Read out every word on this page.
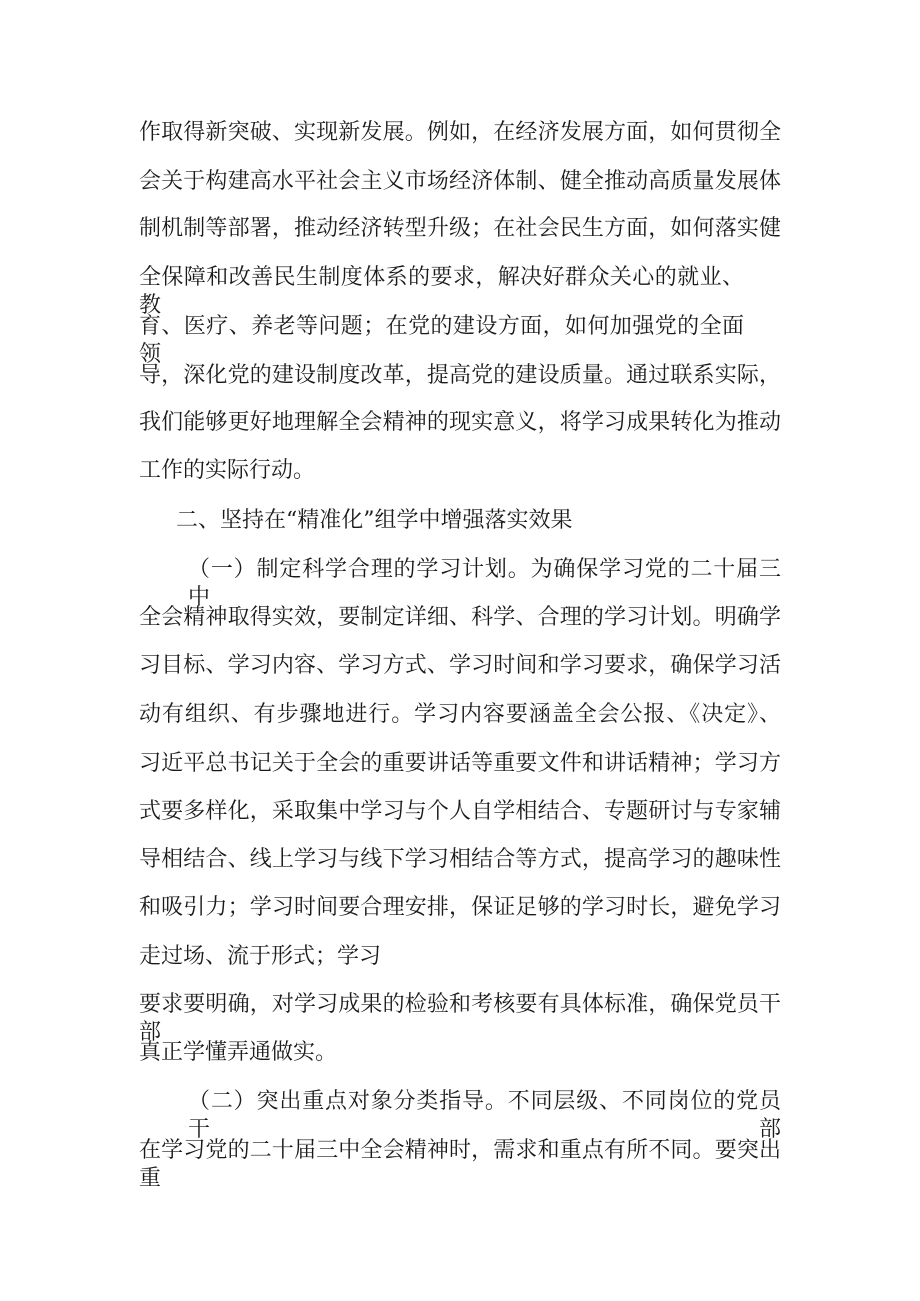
作取得新突破、实现新发展。例如，在经济发展方面，如何贯彻全
会关于构建高水平社会主义市场经济体制、健全推动高质量发展体
制机制等部署，推动经济转型升级；在社会民生方面，如何落实健
全保障和改善民生制度体系的要求，解决好群众关心的就业、教
育、医疗、养老等问题；在党的建设方面，如何加强党的全面领
导，深化党的建设制度改革，提高党的建设质量。通过联系实际，
我们能够更好地理解全会精神的现实意义，将学习成果转化为推动
工作的实际行动。
二、坚持在“精准化”组学中增强落实效果
（一）制定科学合理的学习计划。为确保学习党的二十届三中
全会精神取得实效，要制定详细、科学、合理的学习计划。明确学
习目标、学习内容、学习方式、学习时间和学习要求，确保学习活
动有组织、有步骤地进行。学习内容要涵盖全会公报、《决定》、
习近平总书记关于全会的重要讲话等重要文件和讲话精神；学习方
式要多样化，采取集中学习与个人自学相结合、专题研讨与专家辅
导相结合、线上学习与线下学习相结合等方式，提高学习的趣味性
和吸引力；学习时间要合理安排，保证足够的学习时长，避免学习
走过场、流于形式；学习
要求要明确，对学习成果的检验和考核要有具体标准，确保党员干部
真正学懂弄通做实。
（二）突出重点对象分类指导。不同层级、不同岗位的党员干部
在学习党的二十届三中全会精神时，需求和重点有所不同。要突出重
